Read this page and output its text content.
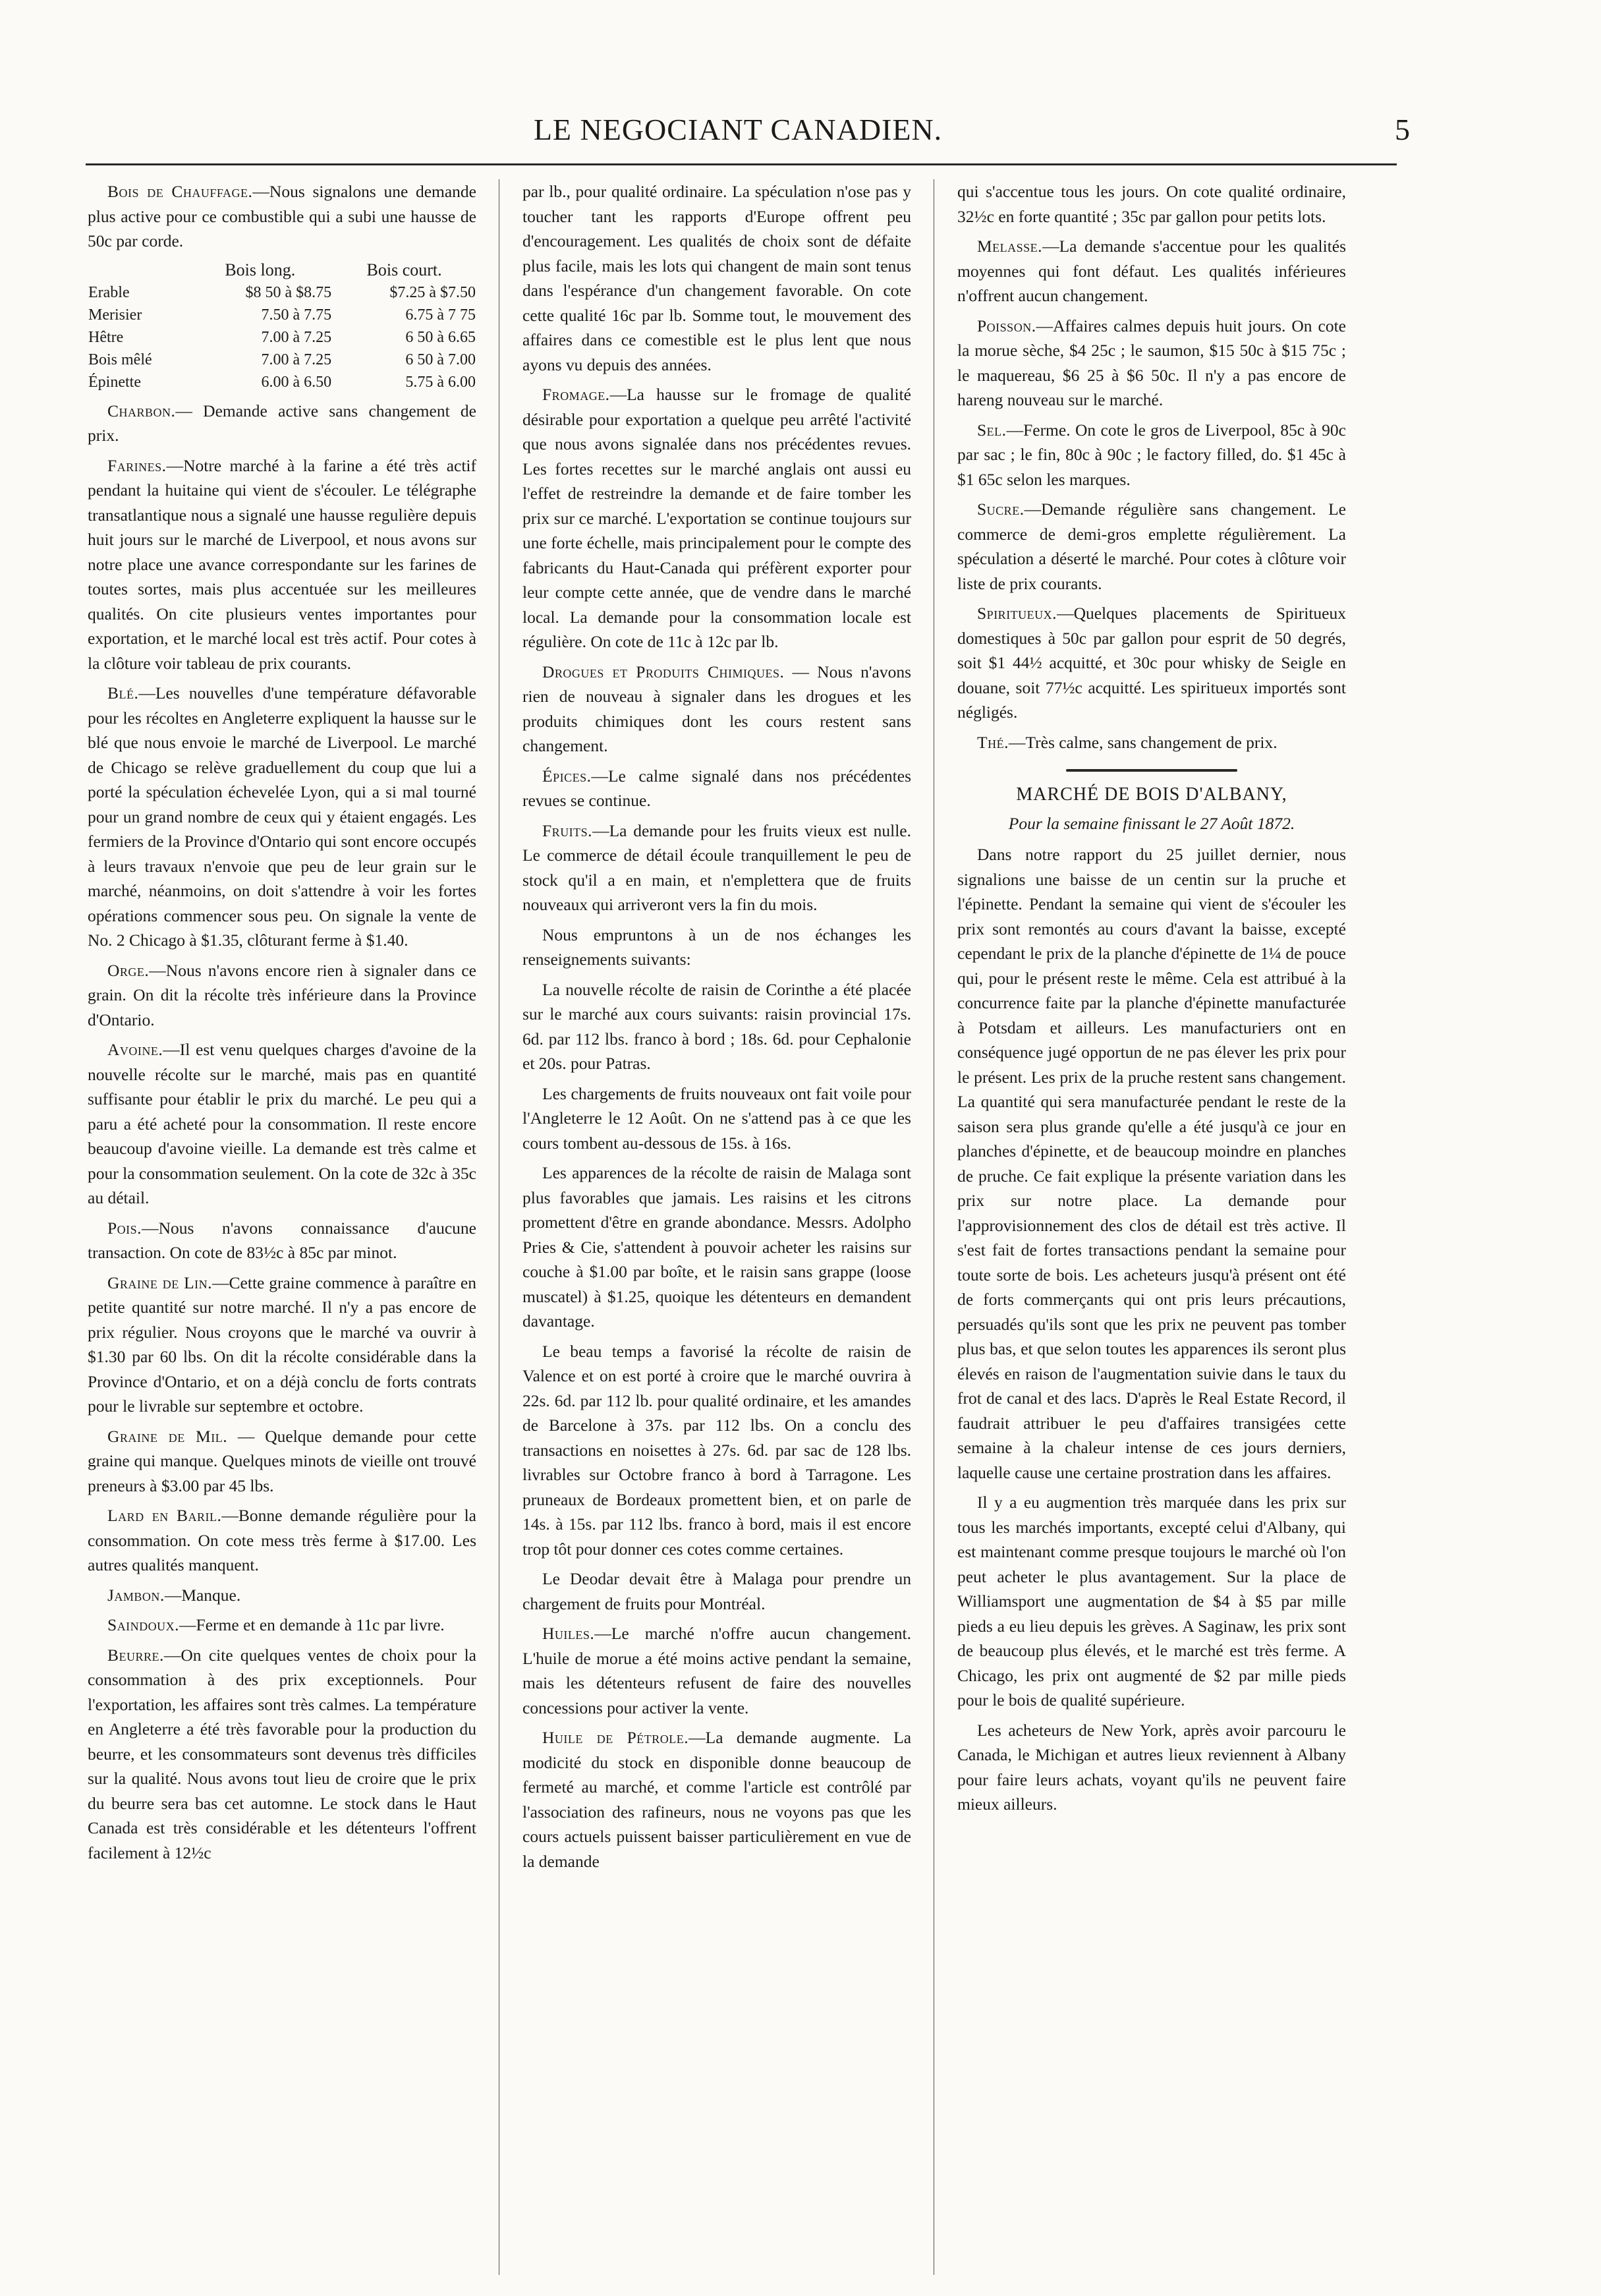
LE NEGOCIANT CANADIEN.	5

Bois de Chauffage.—Nous signalons une demande plus active pour ce combustible qui a subi une hausse de 50c par corde.

	Bois long.	Bois court.
Erable	$8 50 à $8.75	$7.25 à $7.50
Merisier	7.50 à 7.75	6.75 à 7 75
Hêtre	7.00 à 7.25	6 50 à 6.65
Bois mêlé	7.00 à 7.25	6 50 à 7.00
Épinette	6.00 à 6.50	5.75 à 6.00

Charbon.— Demande active sans changement de prix.

Farines.—Notre marché à la farine a été très actif pendant la huitaine qui vient de s'écouler. Le télégraphe transatlantique nous a signalé une hausse regulière depuis huit jours sur le marché de Liverpool, et nous avons sur notre place une avance correspondante sur les farines de toutes sortes, mais plus accentuée sur les meilleures qualités. On cite plusieurs ventes importantes pour exportation, et le marché local est très actif. Pour cotes à la clôture voir tableau de prix courants.

Blé.—Les nouvelles d'une température défavorable pour les récoltes en Angleterre expliquent la hausse sur le blé que nous envoie le marché de Liverpool. Le marché de Chicago se relève graduellement du coup que lui a porté la spéculation échevelée Lyon, qui a si mal tourné pour un grand nombre de ceux qui y étaient engagés. Les fermiers de la Province d'Ontario qui sont encore occupés à leurs travaux n'envoie que peu de leur grain sur le marché, néanmoins, on doit s'attendre à voir les fortes opérations commencer sous peu. On signale la vente de No. 2 Chicago à $1.35, clôturant ferme à $1.40.

Orge.—Nous n'avons encore rien à signaler dans ce grain. On dit la récolte très inférieure dans la Province d'Ontario.

Avoine.—Il est venu quelques charges d'avoine de la nouvelle récolte sur le marché, mais pas en quantité suffisante pour établir le prix du marché. Le peu qui a paru a été acheté pour la consommation. Il reste encore beaucoup d'avoine vieille. La demande est très calme et pour la consommation seulement. On la cote de 32c à 35c au détail.

Pois.—Nous n'avons connaissance d'aucune transaction. On cote de 83½c à 85c par minot.

Graine de Lin.—Cette graine commence à paraître en petite quantité sur notre marché. Il n'y a pas encore de prix régulier. Nous croyons que le marché va ouvrir à $1.30 par 60 lbs. On dit la récolte considérable dans la Province d'Ontario, et on a déjà conclu de forts contrats pour le livrable sur septembre et octobre.

Graine de Mil. — Quelque demande pour cette graine qui manque. Quelques minots de vieille ont trouvé preneurs à $3.00 par 45 lbs.

Lard en Baril.—Bonne demande régulière pour la consommation. On cote mess très ferme à $17.00. Les autres qualités manquent.

Jambon.—Manque.

Saindoux.—Ferme et en demande à 11c par livre.

Beurre.—On cite quelques ventes de choix pour la consommation à des prix exceptionnels. Pour l'exportation, les affaires sont très calmes. La température en Angleterre a été très favorable pour la production du beurre, et les consommateurs sont devenus très difficiles sur la qualité. Nous avons tout lieu de croire que le prix du beurre sera bas cet automne. Le stock dans le Haut Canada est très considérable et les détenteurs l'offrent facilement à 12½c

par lb., pour qualité ordinaire. La spéculation n'ose pas y toucher tant les rapports d'Europe offrent peu d'encouragement. Les qualités de choix sont de défaite plus facile, mais les lots qui changent de main sont tenus dans l'espérance d'un changement favorable. On cote cette qualité 16c par lb. Somme tout, le mouvement des affaires dans ce comestible est le plus lent que nous ayons vu depuis des années.

Fromage.—La hausse sur le fromage de qualité désirable pour exportation a quelque peu arrêté l'activité que nous avons signalée dans nos précédentes revues. Les fortes recettes sur le marché anglais ont aussi eu l'effet de restreindre la demande et de faire tomber les prix sur ce marché. L'exportation se continue toujours sur une forte échelle, mais principalement pour le compte des fabricants du Haut-Canada qui préfèrent exporter pour leur compte cette année, que de vendre dans le marché local. La demande pour la consommation locale est régulière. On cote de 11c à 12c par lb.

Drogues et Produits Chimiques. — Nous n'avons rien de nouveau à signaler dans les drogues et les produits chimiques dont les cours restent sans changement.

Épices.—Le calme signalé dans nos précédentes revues se continue.

Fruits.—La demande pour les fruits vieux est nulle. Le commerce de détail écoule tranquillement le peu de stock qu'il a en main, et n'emplettera que de fruits nouveaux qui arriveront vers la fin du mois.

Nous empruntons à un de nos échanges les renseignements suivants:

La nouvelle récolte de raisin de Corinthe a été placée sur le marché aux cours suivants: raisin provincial 17s. 6d. par 112 lbs. franco à bord ; 18s. 6d. pour Cephalonie et 20s. pour Patras.

Les chargements de fruits nouveaux ont fait voile pour l'Angleterre le 12 Août. On ne s'attend pas à ce que les cours tombent au-dessous de 15s. à 16s.

Les apparences de la récolte de raisin de Malaga sont plus favorables que jamais. Les raisins et les citrons promettent d'être en grande abondance. Messrs. Adolpho Pries & Cie, s'attendent à pouvoir acheter les raisins sur couche à $1.00 par boîte, et le raisin sans grappe (loose muscatel) à $1.25, quoique les détenteurs en demandent davantage.

Le beau temps a favorisé la récolte de raisin de Valence et on est porté à croire que le marché ouvrira à 22s. 6d. par 112 lb. pour qualité ordinaire, et les amandes de Barcelone à 37s. par 112 lbs. On a conclu des transactions en noisettes à 27s. 6d. par sac de 128 lbs. livrables sur Octobre franco à bord à Tarragone. Les pruneaux de Bordeaux promettent bien, et on parle de 14s. à 15s. par 112 lbs. franco à bord, mais il est encore trop tôt pour donner ces cotes comme certaines.

Le Deodar devait être à Malaga pour prendre un chargement de fruits pour Montréal.

Huiles.—Le marché n'offre aucun changement. L'huile de morue a été moins active pendant la semaine, mais les détenteurs refusent de faire des nouvelles concessions pour activer la vente.

Huile de Pétrole.—La demande augmente. La modicité du stock en disponible donne beaucoup de fermeté au marché, et comme l'article est contrôlé par l'association des rafineurs, nous ne voyons pas que les cours actuels puissent baisser particulièrement en vue de la demande

qui s'accentue tous les jours. On cote qualité ordinaire, 32½c en forte quantité ; 35c par gallon pour petits lots.

Melasse.—La demande s'accentue pour les qualités moyennes qui font défaut. Les qualités inférieures n'offrent aucun changement.

Poisson.—Affaires calmes depuis huit jours. On cote la morue sèche, $4 25c ; le saumon, $15 50c à $15 75c ; le maquereau, $6 25 à $6 50c. Il n'y a pas encore de hareng nouveau sur le marché.

Sel.—Ferme. On cote le gros de Liverpool, 85c à 90c par sac ; le fin, 80c à 90c ; le factory filled, do. $1 45c à $1 65c selon les marques.

Sucre.—Demande régulière sans changement. Le commerce de demi-gros emplette régulièrement. La spéculation a déserté le marché. Pour cotes à clôture voir liste de prix courants.

Spiritueux.—Quelques placements de Spiritueux domestiques à 50c par gallon pour esprit de 50 degrés, soit $1 44½ acquitté, et 30c pour whisky de Seigle en douane, soit 77½c acquitté. Les spiritueux importés sont négligés.

Thé.—Très calme, sans changement de prix.

MARCHÉ DE BOIS D'ALBANY,
Pour la semaine finissant le 27 Août 1872.

Dans notre rapport du 25 juillet dernier, nous signalions une baisse de un centin sur la pruche et l'épinette. Pendant la semaine qui vient de s'écouler les prix sont remontés au cours d'avant la baisse, excepté cependant le prix de la planche d'épinette de 1¼ de pouce qui, pour le présent reste le même. Cela est attribué à la concurrence faite par la planche d'épinette manufacturée à Potsdam et ailleurs. Les manufacturiers ont en conséquence jugé opportun de ne pas élever les prix pour le présent. Les prix de la pruche restent sans changement. La quantité qui sera manufacturée pendant le reste de la saison sera plus grande qu'elle a été jusqu'à ce jour en planches d'épinette, et de beaucoup moindre en planches de pruche. Ce fait explique la présente variation dans les prix sur notre place. La demande pour l'approvisionnement des clos de détail est très active. Il s'est fait de fortes transactions pendant la semaine pour toute sorte de bois. Les acheteurs jusqu'à présent ont été de forts commerçants qui ont pris leurs précautions, persuadés qu'ils sont que les prix ne peuvent pas tomber plus bas, et que selon toutes les apparences ils seront plus élevés en raison de l'augmentation suivie dans le taux du frot de canal et des lacs. D'après le Real Estate Record, il faudrait attribuer le peu d'affaires transigées cette semaine à la chaleur intense de ces jours derniers, laquelle cause une certaine prostration dans les affaires.

Il y a eu augmention très marquée dans les prix sur tous les marchés importants, excepté celui d'Albany, qui est maintenant comme presque toujours le marché où l'on peut acheter le plus avantagement. Sur la place de Williamsport une augmentation de $4 à $5 par mille pieds a eu lieu depuis les grèves. A Saginaw, les prix sont de beaucoup plus élevés, et le marché est très ferme. A Chicago, les prix ont augmenté de $2 par mille pieds pour le bois de qualité supérieure.

Les acheteurs de New York, après avoir parcouru le Canada, le Michigan et autres lieux reviennent à Albany pour faire leurs achats, voyant qu'ils ne peuvent faire mieux ailleurs.
